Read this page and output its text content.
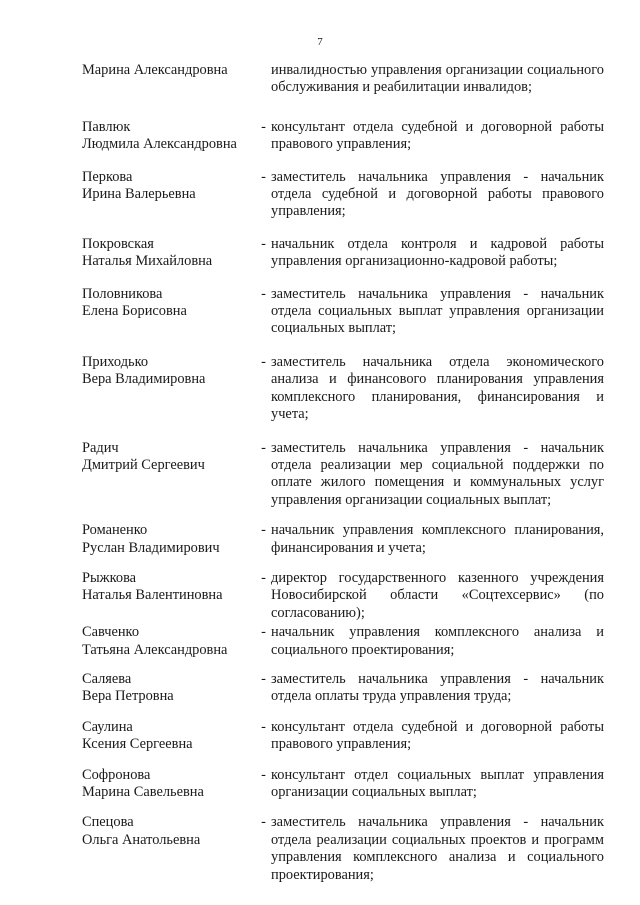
7
Марина Александровна	инвалидностью управления организации социального обслуживания и реабилитации инвалидов;
Павлюк
Людмила Александровна
- консультант отдела судебной и договорной работы правового управления;
Перкова
Ирина Валерьевна
- заместитель начальника управления - начальник отдела судебной и договорной работы правового управления;
Покровская
Наталья Михайловна
- начальник отдела контроля и кадровой работы управления организационно-кадровой работы;
Половникова
Елена Борисовна
- заместитель начальника управления - начальник отдела социальных выплат управления организации социальных выплат;
Приходько
Вера Владимировна
- заместитель начальника отдела экономического анализа и финансового планирования управления комплексного планирования, финансирования и учета;
Радич
Дмитрий Сергеевич
- заместитель начальника управления - начальник отдела реализации мер социальной поддержки по оплате жилого помещения и коммунальных услуг управления организации социальных выплат;
Романенко
Руслан Владимирович
- начальник управления комплексного планирования, финансирования и учета;
Рыжкова
Наталья Валентиновна
- директор государственного казенного учреждения Новосибирской области «Соцтехсервис» (по согласованию);
Савченко
Татьяна Александровна
- начальник управления комплексного анализа и социального проектирования;
Саляева
Вера Петровна
- заместитель начальника управления - начальник отдела оплаты труда управления труда;
Саулина
Ксения Сергеевна
- консультант отдела судебной и договорной работы правового управления;
Софронова
Марина Савельевна
- консультант отдел социальных выплат управления организации социальных выплат;
Спецова
Ольга Анатольевна
- заместитель начальника управления - начальник отдела реализации социальных проектов и программ управления комплексного анализа и социального проектирования;
